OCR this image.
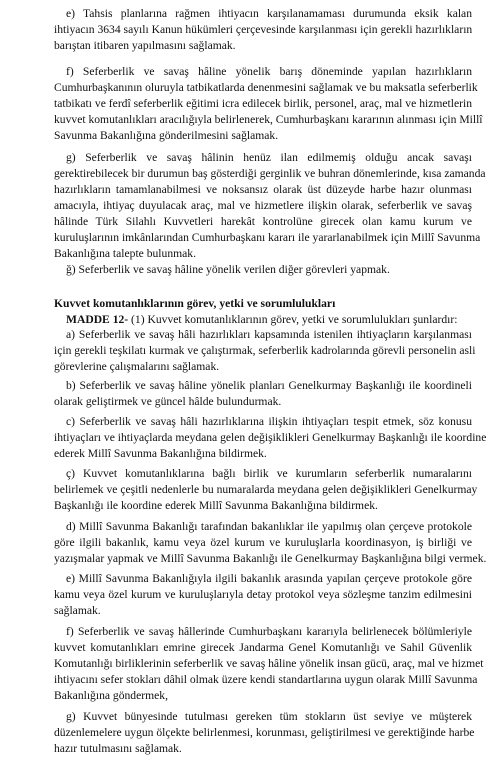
e) Tahsis planlarına rağmen ihtiyacın karşılanamaması durumunda eksik kalan
ihtiyacın 3634 sayılı Kanun hükümleri çerçevesinde karşılanması için gerekli hazırlıkların
barıştan itibaren yapılmasını sağlamak.
f) Seferberlik ve savaş hâline yönelik barış döneminde yapılan hazırlıkların
Cumhurbaşkanının oluruyla tatbikatlarda denenmesini sağlamak ve bu maksatla seferberlik
tatbikatı ve ferdî seferberlik eğitimi icra edilecek birlik, personel, araç, mal ve hizmetlerin
kuvvet komutanlıkları aracılığıyla belirlenerek, Cumhurbaşkanı kararının alınması için Millî
Savunma Bakanlığına gönderilmesini sağlamak.
g) Seferberlik ve savaş hâlinin henüz ilan edilmemiş olduğu ancak savaşı
gerektirebilecek bir durumun baş gösterdiği gerginlik ve buhran dönemlerinde, kısa zamanda
hazırlıkların tamamlanabilmesi ve noksansız olarak üst düzeyde harbe hazır olunması
amacıyla, ihtiyaç duyulacak araç, mal ve hizmetlere ilişkin olarak, seferberlik ve savaş
hâlinde Türk Silahlı Kuvvetleri harekât kontrolüne girecek olan kamu kurum ve
kuruluşlarının imkânlarından Cumhurbaşkanı kararı ile yararlanabilmek için Millî Savunma
Bakanlığına talepte bulunmak.
ğ) Seferberlik ve savaş hâline yönelik verilen diğer görevleri yapmak.
Kuvvet komutanlıklarının görev, yetki ve sorumlulukları
MADDE 12- (1) Kuvvet komutanlıklarının görev, yetki ve sorumlulukları şunlardır:
a) Seferberlik ve savaş hâli hazırlıkları kapsamında istenilen ihtiyaçların karşılanması
için gerekli teşkilatı kurmak ve çalıştırmak, seferberlik kadrolarında görevli personelin asli
görevlerine çalışmalarını sağlamak.
b) Seferberlik ve savaş hâline yönelik planları Genelkurmay Başkanlığı ile koordineli
olarak geliştirmek ve güncel hâlde bulundurmak.
c) Seferberlik ve savaş hâli hazırlıklarına ilişkin ihtiyaçları tespit etmek, söz konusu
ihtiyaçları ve ihtiyaçlarda meydana gelen değişiklikleri Genelkurmay Başkanlığı ile koordine
ederek Millî Savunma Bakanlığına bildirmek.
ç) Kuvvet komutanlıklarına bağlı birlik ve kurumların seferberlik numaralarını
belirlemek ve çeşitli nedenlerle bu numaralarda meydana gelen değişiklikleri Genelkurmay
Başkanlığı ile koordine ederek Millî Savunma Bakanlığına bildirmek.
d) Millî Savunma Bakanlığı tarafından bakanlıklar ile yapılmış olan çerçeve protokole
göre ilgili bakanlık, kamu veya özel kurum ve kuruluşlarla koordinasyon, iş birliği ve
yazışmalar yapmak ve Millî Savunma Bakanlığı ile Genelkurmay Başkanlığına bilgi vermek.
e) Millî Savunma Bakanlığıyla ilgili bakanlık arasında yapılan çerçeve protokole göre
kamu veya özel kurum ve kuruluşlarıyla detay protokol veya sözleşme tanzim edilmesini
sağlamak.
f) Seferberlik ve savaş hâllerinde Cumhurbaşkanı kararıyla belirlenecek bölümleriyle
kuvvet komutanlıkları emrine girecek Jandarma Genel Komutanlığı ve Sahil Güvenlik
Komutanlığı birliklerinin seferberlik ve savaş hâline yönelik insan gücü, araç, mal ve hizmet
ihtiyacını sefer stokları dâhil olmak üzere kendi standartlarına uygun olarak Millî Savunma
Bakanlığına göndermek,
g) Kuvvet bünyesinde tutulması gereken tüm stokların üst seviye ve müşterek
düzenlemelere uygun ölçekte belirlenmesi, korunması, geliştirilmesi ve gerektiğinde harbe
hazır tutulmasını sağlamak.
